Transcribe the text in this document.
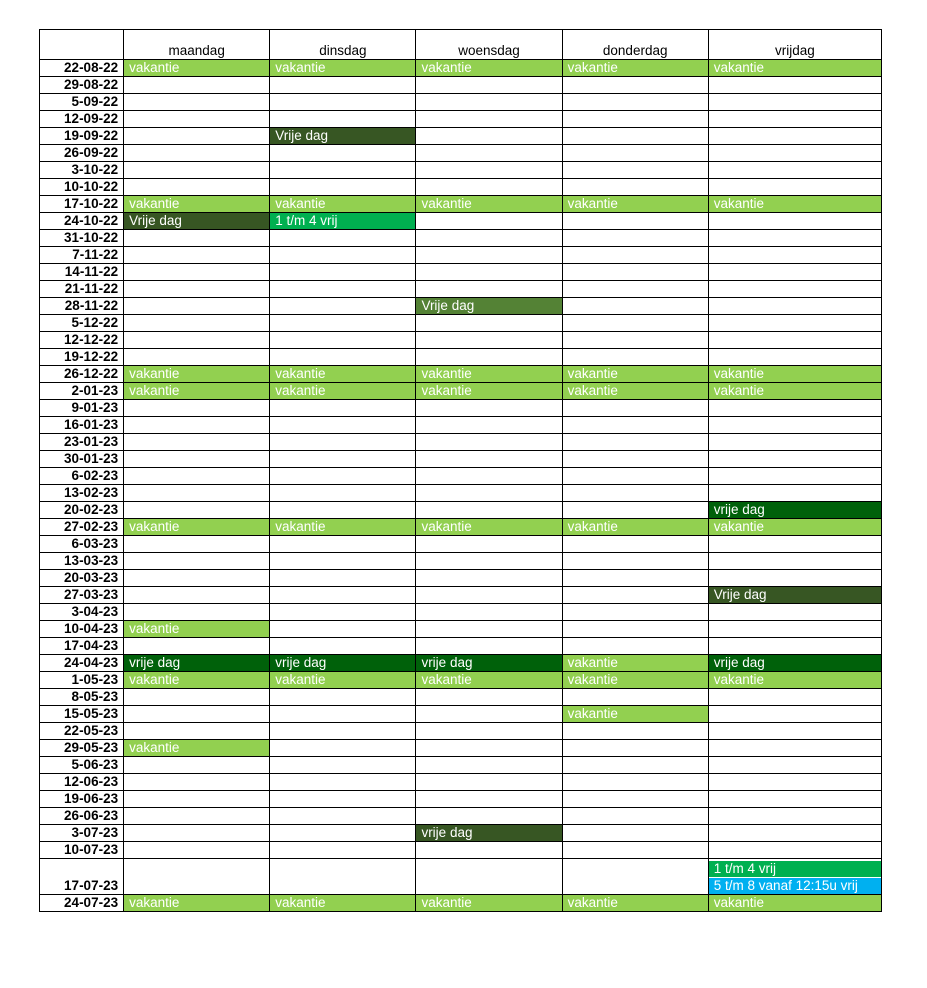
	maandag	dinsdag	woensdag	donderdag	vrijdag
22-08-22	vakantie	vakantie	vakantie	vakantie	vakantie
29-08-22					
5-09-22					
12-09-22					
19-09-22		Vrije dag			
26-09-22					
3-10-22					
10-10-22					
17-10-22	vakantie	vakantie	vakantie	vakantie	vakantie
24-10-22	Vrije dag	1 t/m 4 vrij			
31-10-22					
7-11-22					
14-11-22					
21-11-22					
28-11-22			Vrije dag		
5-12-22					
12-12-22					
19-12-22					
26-12-22	vakantie	vakantie	vakantie	vakantie	vakantie
2-01-23	vakantie	vakantie	vakantie	vakantie	vakantie
9-01-23					
16-01-23					
23-01-23					
30-01-23					
6-02-23					
13-02-23					
20-02-23					vrije dag
27-02-23	vakantie	vakantie	vakantie	vakantie	vakantie
6-03-23					
13-03-23					
20-03-23					
27-03-23					Vrije dag
3-04-23					
10-04-23	vakantie				
17-04-23					
24-04-23	vrije dag	vrije dag	vrije dag	vakantie	vrije dag
1-05-23	vakantie	vakantie	vakantie	vakantie	vakantie
8-05-23					
15-05-23				vakantie	
22-05-23					
29-05-23	vakantie				
5-06-23					
12-06-23					
19-06-23					
26-06-23					
3-07-23			vrije dag		
10-07-23					
17-07-23					1 t/m 4 vrij
5 t/m 8 vanaf 12:15u vrij

24-07-23	vakantie	vakantie	vakantie	vakantie	vakantie
